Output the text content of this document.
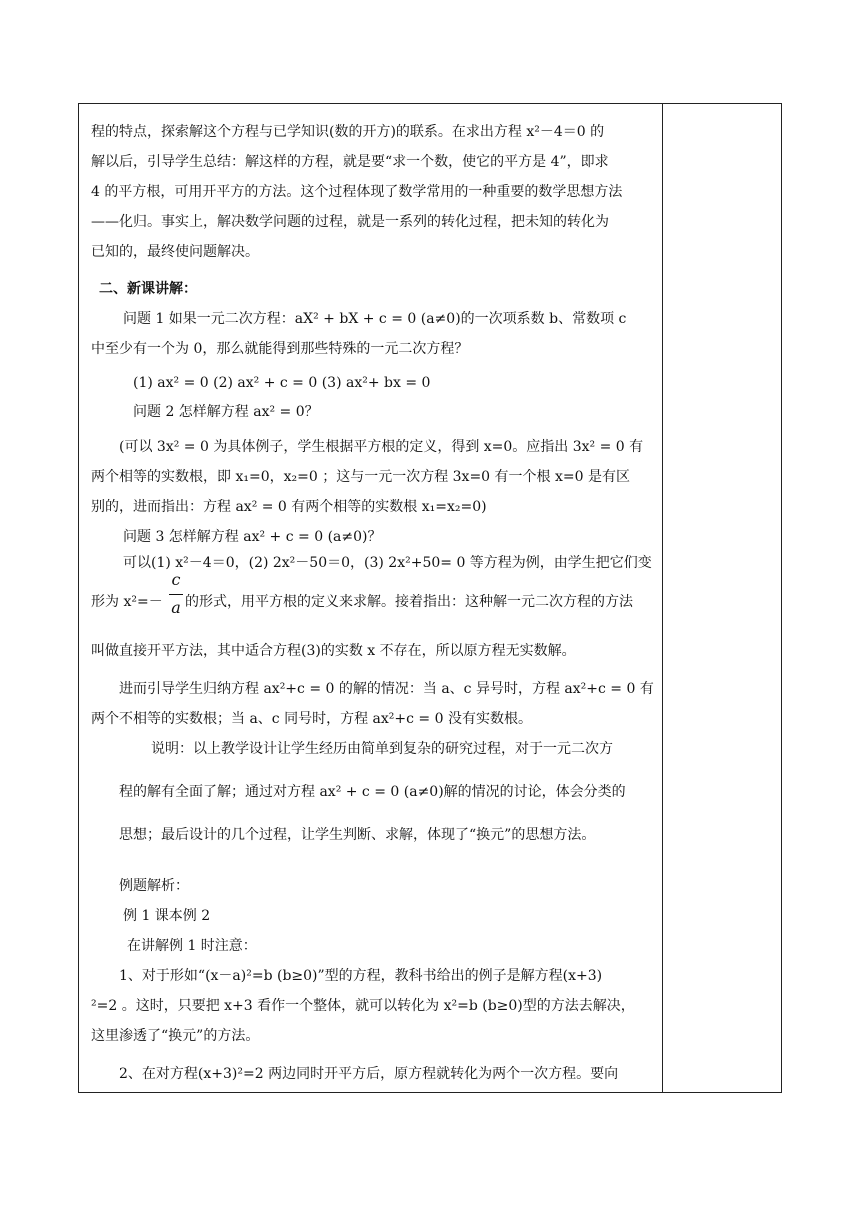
程的特点，探索解这个方程与已学知识(数的开方)的联系。在求出方程 x²－4＝0 的
解以后，引导学生总结：解这样的方程，就是要“求一个数，使它的平方是 4”，即求
4 的平方根，可用开平方的方法。这个过程体现了数学常用的一种重要的数学思想方法
——化归。事实上，解决数学问题的过程，就是一系列的转化过程，把未知的转化为
已知的，最终使问题解决。
二、新课讲解：
问题 1 如果一元二次方程：aX² + bX + c = 0 (a≠0)的一次项系数 b、常数项 c
中至少有一个为 0，那么就能得到那些特殊的一元二次方程？
(1) ax² = 0 (2) ax² + c = 0 (3) ax²+ bx = 0
问题 2 怎样解方程 ax² = 0？
(可以 3x² = 0 为具体例子，学生根据平方根的定义，得到 x=0。应指出 3x² = 0 有
两个相等的实数根，即 x₁=0，x₂=0 ；这与一元一次方程 3x=0 有一个根 x=0 是有区
别的，进而指出：方程 ax² = 0 有两个相等的实数根 x₁=x₂=0)
问题 3 怎样解方程 ax² + c = 0 (a≠0)？
可以(1) x²－4＝0，(2) 2x²－50＝0，(3) 2x²+50= 0 等方程为例，由学生把它们变
形为 x²=－
c
a 的形式，用平方根的定义来求解。接着指出：这种解一元二次方程的方法
叫做直接开平方法，其中适合方程(3)的实数 x 不存在，所以原方程无实数解。
进而引导学生归纳方程 ax²+c = 0 的解的情况：当 a、c 异号时，方程 ax²+c = 0 有
两个不相等的实数根；当 a、c 同号时，方程 ax²+c = 0 没有实数根。
说明：以上教学设计让学生经历由简单到复杂的研究过程，对于一元二次方
程的解有全面了解；通过对方程 ax² + c = 0 (a≠0)解的情况的讨论，体会分类的
思想；最后设计的几个过程，让学生判断、求解，体现了“换元”的思想方法。
例题解析：
例 1 课本例 2
在讲解例 1 时注意：
1、对于形如“(x－a)²=b (b≥0)”型的方程，教科书给出的例子是解方程(x+3)
²=2 。这时，只要把 x+3 看作一个整体，就可以转化为 x²=b (b≥0)型的方法去解决，
这里渗透了“换元”的方法。
2、在对方程(x+3)²=2 两边同时开平方后，原方程就转化为两个一次方程。要向
